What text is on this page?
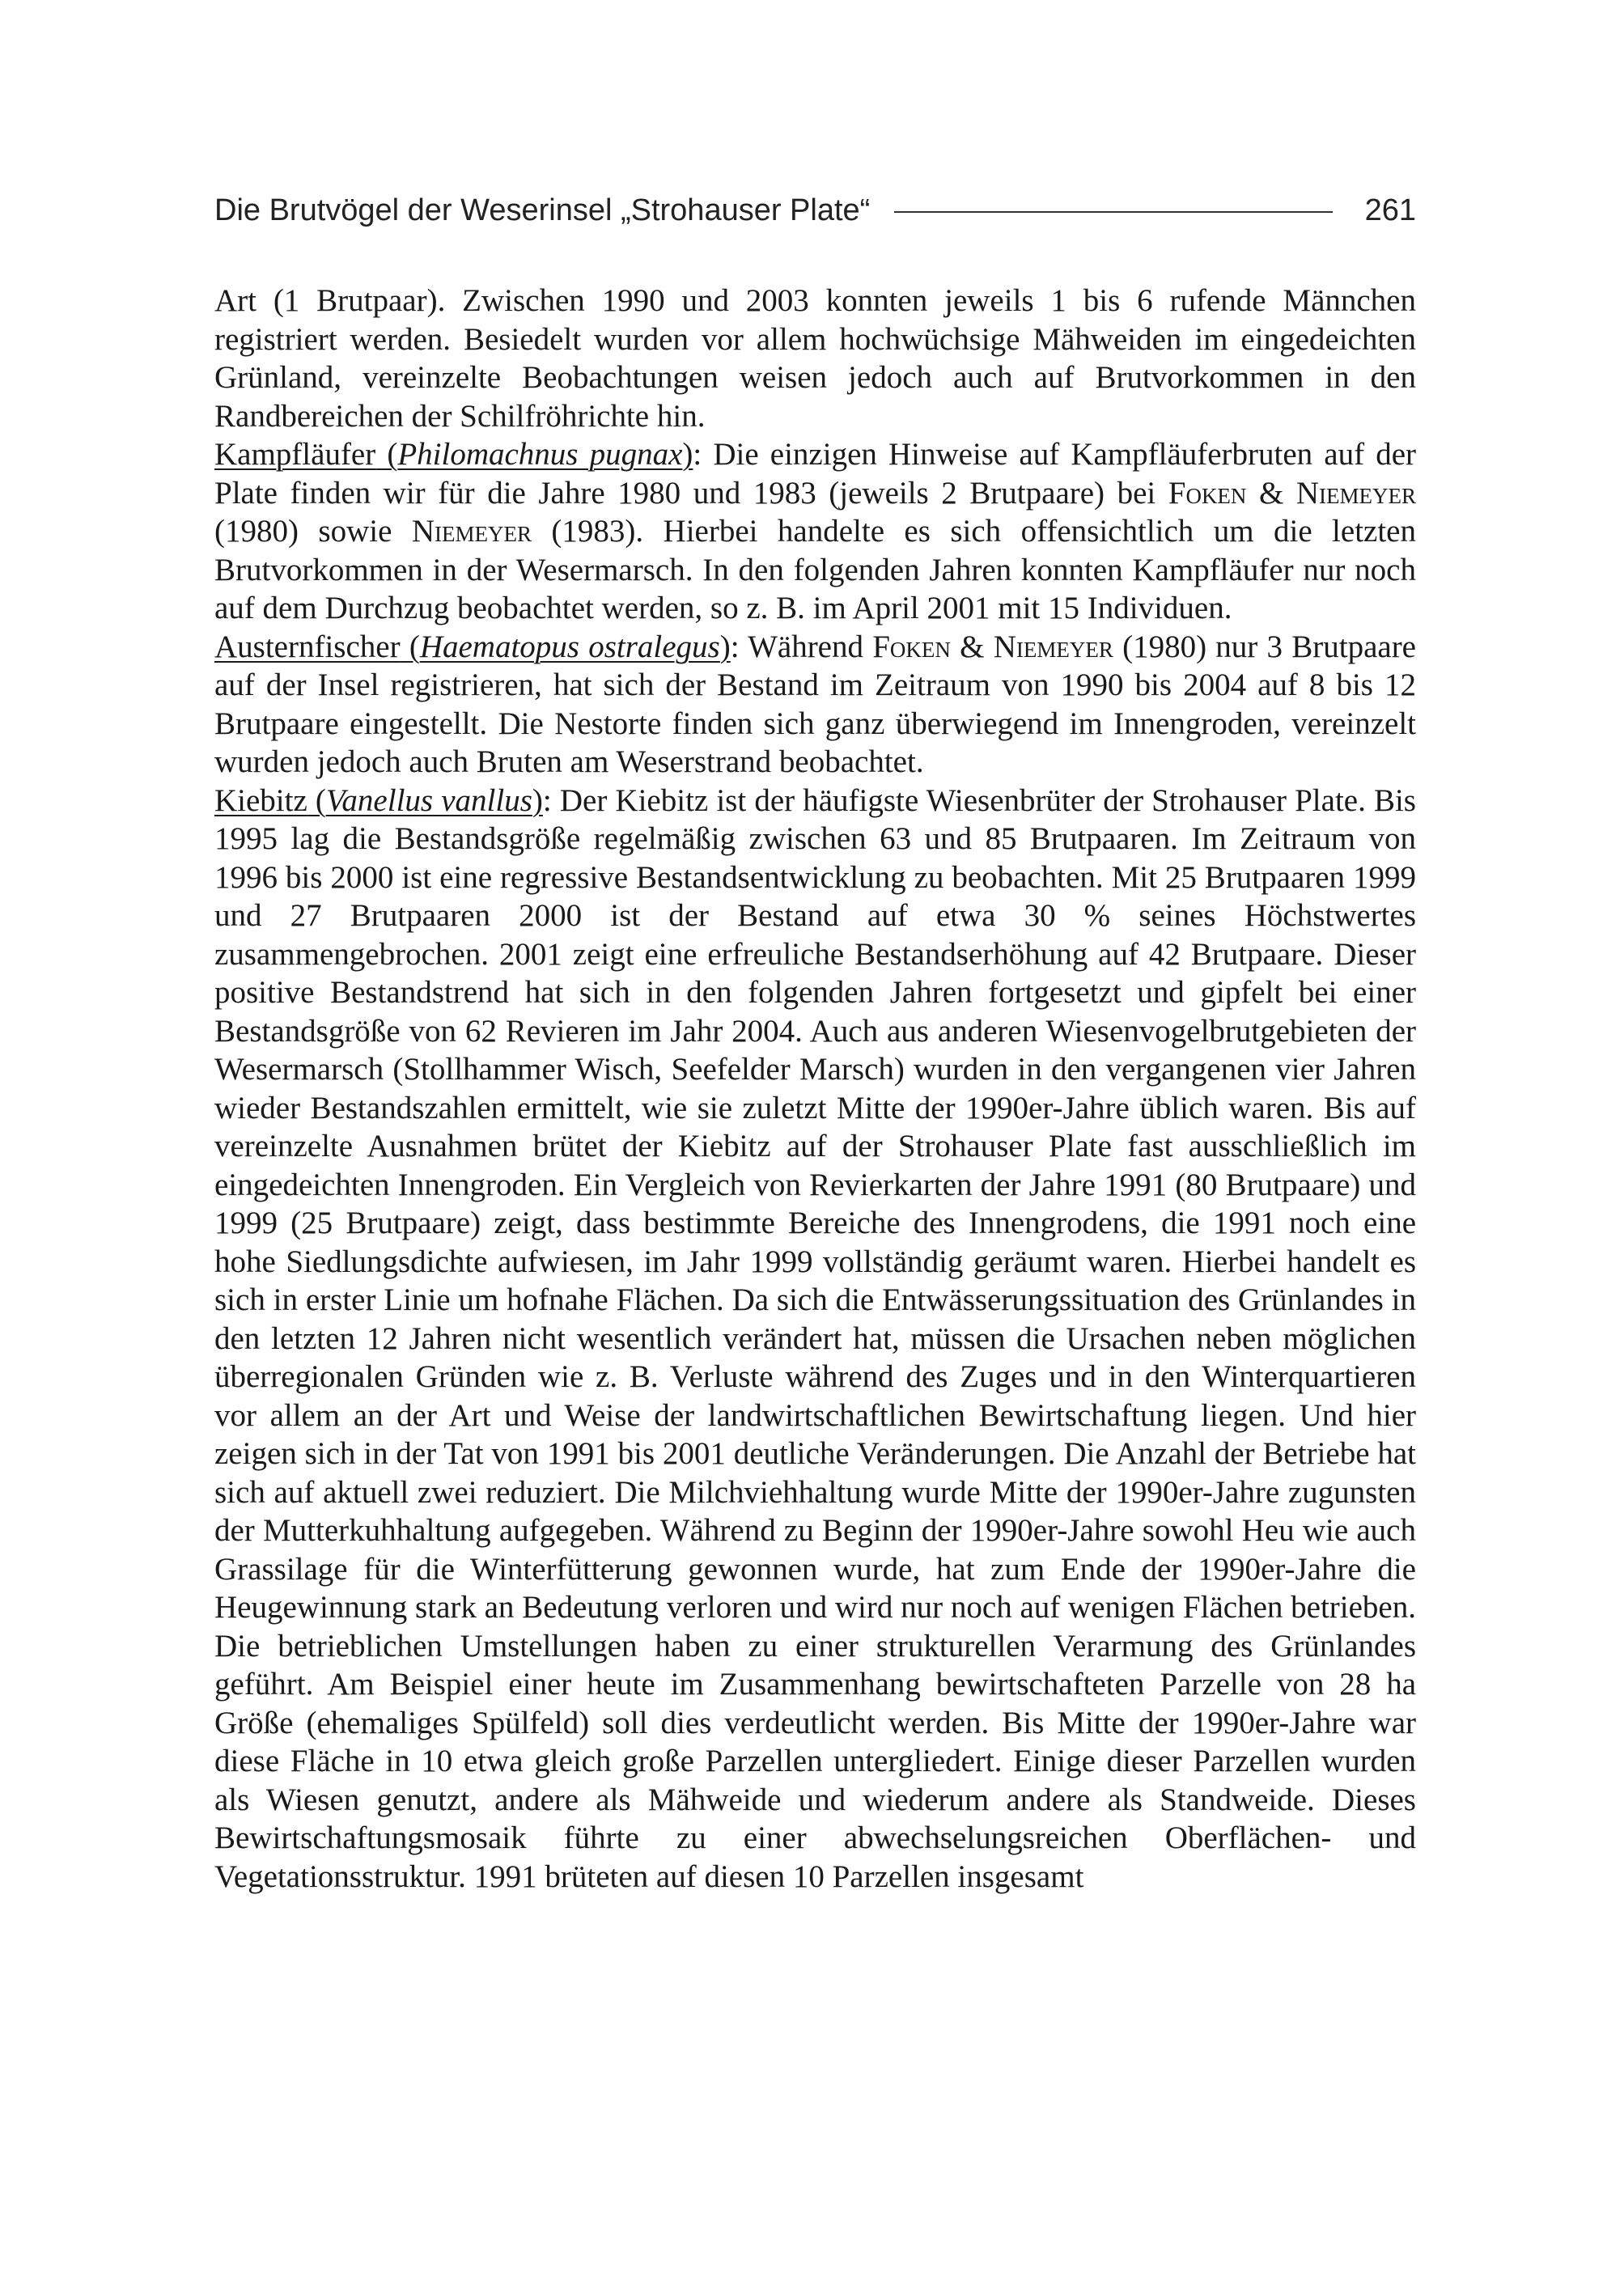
Die Brutvögel der Weserinsel „Strohauser Plate“	261

Art (1 Brutpaar). Zwischen 1990 und 2003 konnten jeweils 1 bis 6 rufende Männchen registriert werden. Besiedelt wurden vor allem hochwüchsige Mähweiden im eingedeichten Grünland, vereinzelte Beobachtungen weisen jedoch auch auf Brutvorkommen in den Randbereichen der Schilfröhrichte hin.

Kampfläufer (Philomachnus pugnax): Die einzigen Hinweise auf Kampfläuferbruten auf der Plate finden wir für die Jahre 1980 und 1983 (jeweils 2 Brutpaare) bei Foken & Niemeyer (1980) sowie Niemeyer (1983). Hierbei handelte es sich offensichtlich um die letzten Brutvorkommen in der Wesermarsch. In den folgenden Jahren konnten Kampfläufer nur noch auf dem Durchzug beobachtet werden, so z. B. im April 2001 mit 15 Individuen.

Austernfischer (Haematopus ostralegus): Während Foken & Niemeyer (1980) nur 3 Brutpaare auf der Insel registrieren, hat sich der Bestand im Zeitraum von 1990 bis 2004 auf 8 bis 12 Brutpaare eingestellt. Die Nestorte finden sich ganz überwiegend im Innengroden, vereinzelt wurden jedoch auch Bruten am Weserstrand beobachtet.

Kiebitz (Vanellus vanllus): Der Kiebitz ist der häufigste Wiesenbrüter der Strohauser Plate. Bis 1995 lag die Bestandsgröße regelmäßig zwischen 63 und 85 Brutpaaren. Im Zeitraum von 1996 bis 2000 ist eine regressive Bestandsentwicklung zu beobachten. Mit 25 Brutpaaren 1999 und 27 Brutpaaren 2000 ist der Bestand auf etwa 30 % seines Höchstwertes zusammengebrochen. 2001 zeigt eine erfreuliche Bestandserhöhung auf 42 Brutpaare. Dieser positive Bestandstrend hat sich in den folgenden Jahren fortgesetzt und gipfelt bei einer Bestandsgröße von 62 Revieren im Jahr 2004. Auch aus anderen Wiesenvogelbrutgebieten der Wesermarsch (Stollhammer Wisch, Seefelder Marsch) wurden in den vergangenen vier Jahren wieder Bestandszahlen ermittelt, wie sie zuletzt Mitte der 1990er-Jahre üblich waren. Bis auf vereinzelte Ausnahmen brütet der Kiebitz auf der Strohauser Plate fast ausschließlich im eingedeichten Innengroden. Ein Vergleich von Revierkarten der Jahre 1991 (80 Brutpaare) und 1999 (25 Brutpaare) zeigt, dass bestimmte Bereiche des Innengrodens, die 1991 noch eine hohe Siedlungsdichte aufwiesen, im Jahr 1999 vollständig geräumt waren. Hierbei handelt es sich in erster Linie um hofnahe Flächen. Da sich die Entwässerungssituation des Grünlandes in den letzten 12 Jahren nicht wesentlich verändert hat, müssen die Ursachen neben möglichen überregionalen Gründen wie z. B. Verluste während des Zuges und in den Winterquartieren vor allem an der Art und Weise der landwirtschaftlichen Bewirtschaftung liegen. Und hier zeigen sich in der Tat von 1991 bis 2001 deutliche Veränderungen. Die Anzahl der Betriebe hat sich auf aktuell zwei reduziert. Die Milchviehhaltung wurde Mitte der 1990er-Jahre zugunsten der Mutterkuhhaltung aufgegeben. Während zu Beginn der 1990er-Jahre sowohl Heu wie auch Grassilage für die Winterfütterung gewonnen wurde, hat zum Ende der 1990er-Jahre die Heugewinnung stark an Bedeutung verloren und wird nur noch auf wenigen Flächen betrieben. Die betrieblichen Umstellungen haben zu einer strukturellen Verarmung des Grünlandes geführt. Am Beispiel einer heute im Zusammenhang bewirtschafteten Parzelle von 28 ha Größe (ehemaliges Spülfeld) soll dies verdeutlicht werden. Bis Mitte der 1990er-Jahre war diese Fläche in 10 etwa gleich große Parzellen untergliedert. Einige dieser Parzellen wurden als Wiesen genutzt, andere als Mähweide und wiederum andere als Standweide. Dieses Bewirtschaftungsmosaik führte zu einer abwechselungsreichen Oberflächen- und Vegetationsstruktur. 1991 brüteten auf diesen 10 Parzellen insgesamt
